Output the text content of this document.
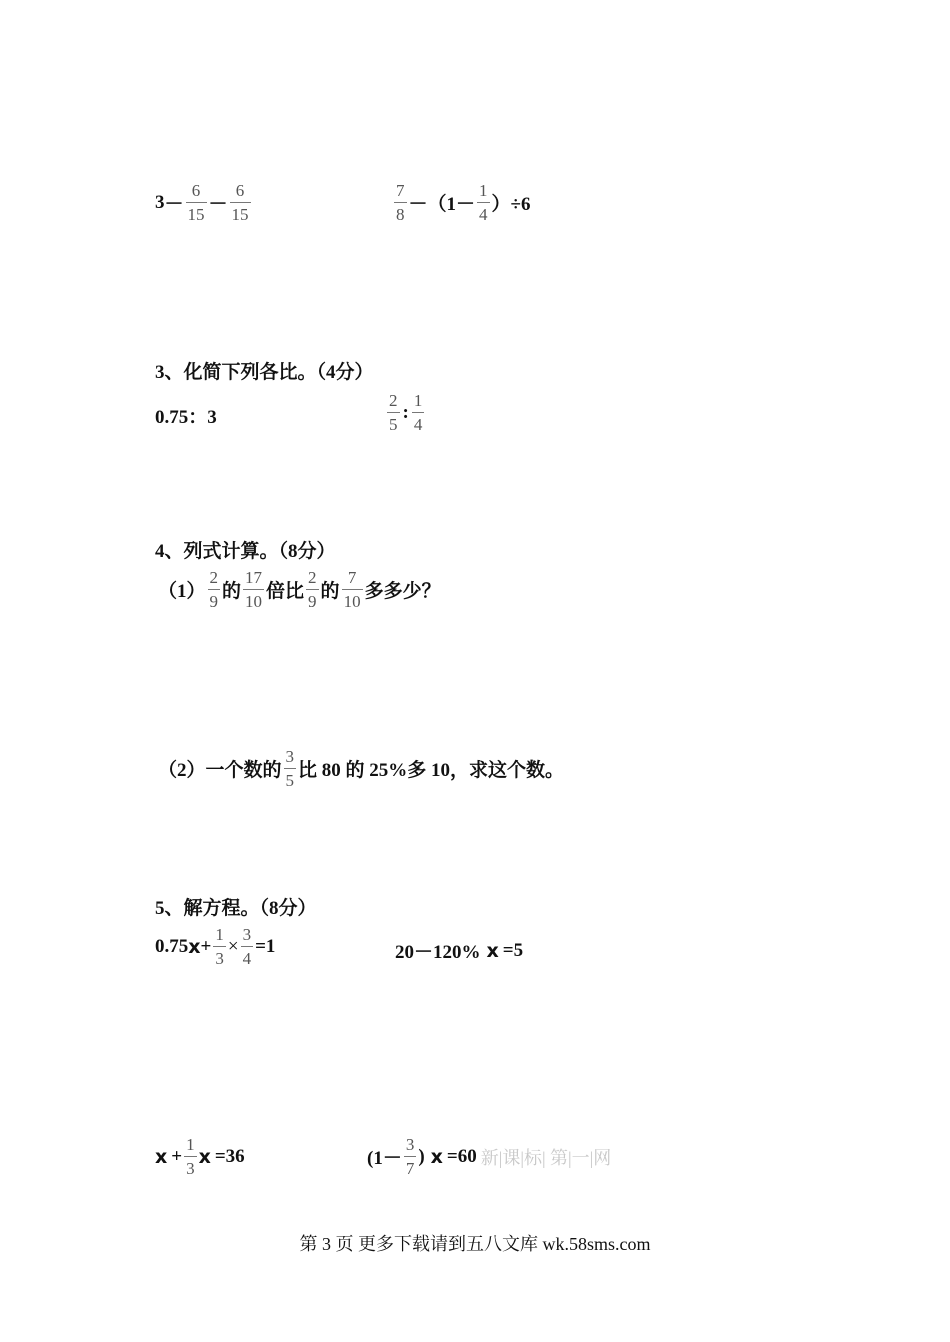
$3 - \frac{6}{15} - \frac{6}{15}$	$\frac{7}{8} - (1- \frac{1}{4} )\div 6$
3、化简下列各比。（4分）
0.75：3	$\frac{2}{5}$ : $\frac{1}{4}$
4、列式计算。（8分）
$(1) \frac{2}{9}$ 的 $\frac{17}{10}$ 倍比 $\frac{2}{9}$ 的 $\frac{7}{10}$ 多多少？
（2）一个数的 $\frac{3}{5}$ 比 80 的 25%多 10，求这个数。
5、解方程。（8分）
0.75 $x + \frac{1}{3} \times \frac{3}{4} =1$	20－120% x =5
$x + \frac{1}{3}$ x =36	($1- \frac{3}{7}$ ) x =60 新|课|标| 第|一|网
第 3 页 更多下载请到五八文库 wk.58sms.com
